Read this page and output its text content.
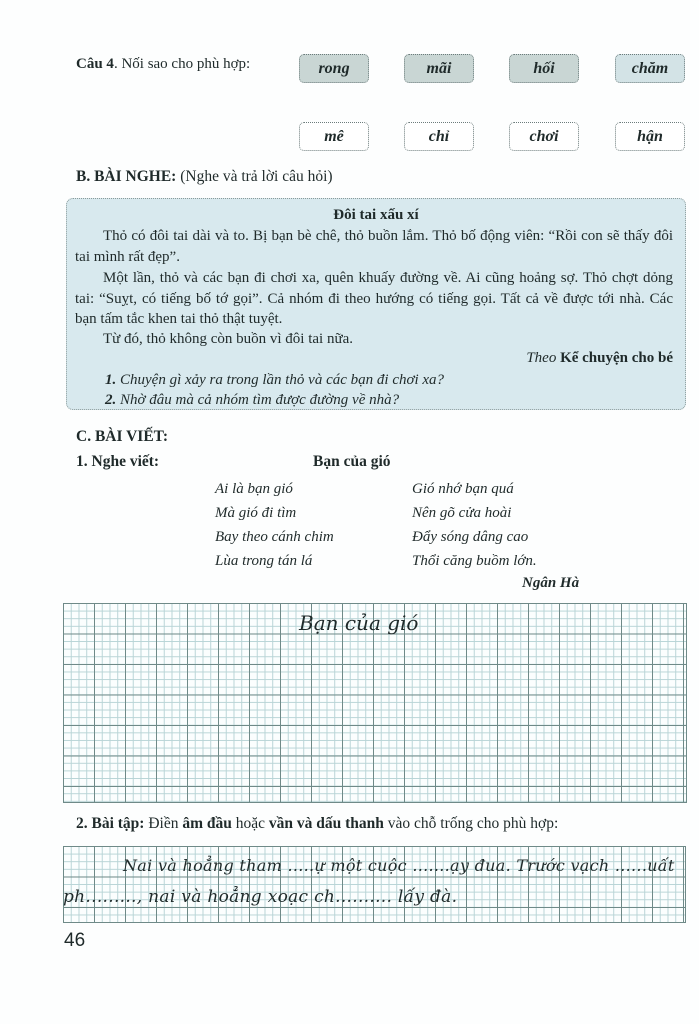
Câu 4. Nối sao cho phù hợp:	rong	mãi	hối	chăm
mê	chỉ	chơi	hận
B. BÀI NGHE: (Nghe và trả lời câu hỏi)
Đôi tai xấu xí
Thỏ có đôi tai dài và to. Bị bạn bè chê, thỏ buồn lắm. Thỏ bố động viên: “Rồi con sẽ thấy đôi tai mình rất đẹp”.
Một lần, thỏ và các bạn đi chơi xa, quên khuấy đường về. Ai cũng hoảng sợ. Thỏ chợt dỏng tai: “Suỵt, có tiếng bố tớ gọi”. Cả nhóm đi theo hướng có tiếng gọi. Tất cả về được tới nhà. Các bạn tấm tắc khen tai thỏ thật tuyệt.
Từ đó, thỏ không còn buồn vì đôi tai nữa.
Theo Kể chuyện cho bé
1. Chuyện gì xảy ra trong lần thỏ và các bạn đi chơi xa?
2. Nhờ đâu mà cả nhóm tìm được đường về nhà?
C. BÀI VIẾT:
1. Nghe viết:	Bạn của gió
Ai là bạn gió
Mà gió đi tìm
Bay theo cánh chim
Lùa trong tán lá
Gió nhớ bạn quá
Nên gõ cửa hoài
Đẩy sóng dâng cao
Thổi căng buồm lớn.
Ngân Hà
Bạn của gió
2. Bài tập: Điền âm đầu hoặc vần và dấu thanh vào chỗ trống cho phù hợp:
Nai và hoẳng tham .....ự một cuộc .......ạy đua. Trước vạch ......uất
ph........., nai và hoẳng xoạc ch.......... lấy đà.
46
